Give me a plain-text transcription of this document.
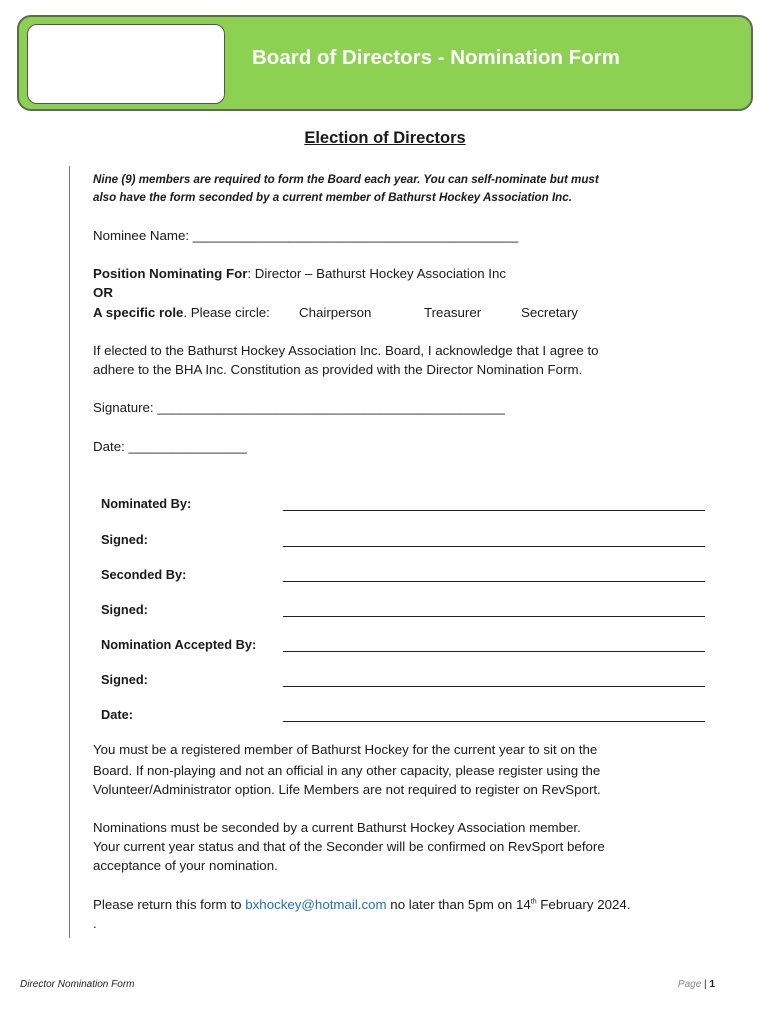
Board of Directors - Nomination Form
Election of Directors
Nine (9) members are required to form the Board each year. You can self-nominate but must
also have the form seconded by a current member of Bathurst Hockey Association Inc.
Nominee Name: ____________________________________________
Position Nominating For: Director – Bathurst Hockey Association Inc
OR
A specific role. Please circle: Chairperson	Treasurer	Secretary
If elected to the Bathurst Hockey Association Inc. Board, I acknowledge that I agree to
adhere to the BHA Inc. Constitution as provided with the Director Nomination Form.
Signature: _______________________________________________
Date: ________________
Nominated By:
Signed:
Seconded By:
Signed:
Nomination Accepted By:
Signed:
Date:
You must be a registered member of Bathurst Hockey for the current year to sit on the
Board. If non-playing and not an official in any other capacity, please register using the
Volunteer/Administrator option. Life Members are not required to register on RevSport.
Nominations must be seconded by a current Bathurst Hockey Association member.
Your current year status and that of the Seconder will be confirmed on RevSport before
acceptance of your nomination.
Please return this form to bxhockey@hotmail.com no later than 5pm on 14th February 2024.
.
Director Nomination Form	Page | 1
